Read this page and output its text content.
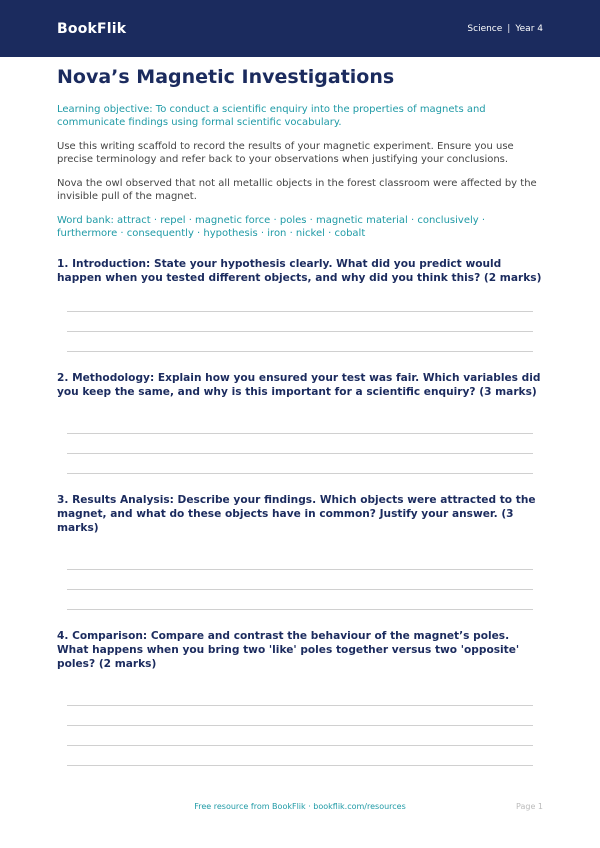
BookFlik	Science | Year 4
Nova’s Magnetic Investigations

Learning objective: To conduct a scientific enquiry into the properties of magnets and communicate findings using formal scientific vocabulary.

Use this writing scaffold to record the results of your magnetic experiment. Ensure you use precise terminology and refer back to your observations when justifying your conclusions.

Nova the owl observed that not all metallic objects in the forest classroom were affected by the invisible pull of the magnet.

Word bank: attract · repel · magnetic force · poles · magnetic material · conclusively · furthermore · consequently · hypothesis · iron · nickel · cobalt

1. Introduction: State your hypothesis clearly. What did you predict would happen when you tested different objects, and why did you think this? (2 marks)
2. Methodology: Explain how you ensured your test was fair. Which variables did you keep the same, and why is this important for a scientific enquiry? (3 marks)
3. Results Analysis: Describe your findings. Which objects were attracted to the magnet, and what do these objects have in common? Justify your answer. (3 marks)
4. Comparison: Compare and contrast the behaviour of the magnet’s poles. What happens when you bring two 'like' poles together versus two 'opposite' poles? (2 marks)
Free resource from BookFlik · bookflik.com/resources	Page 1
